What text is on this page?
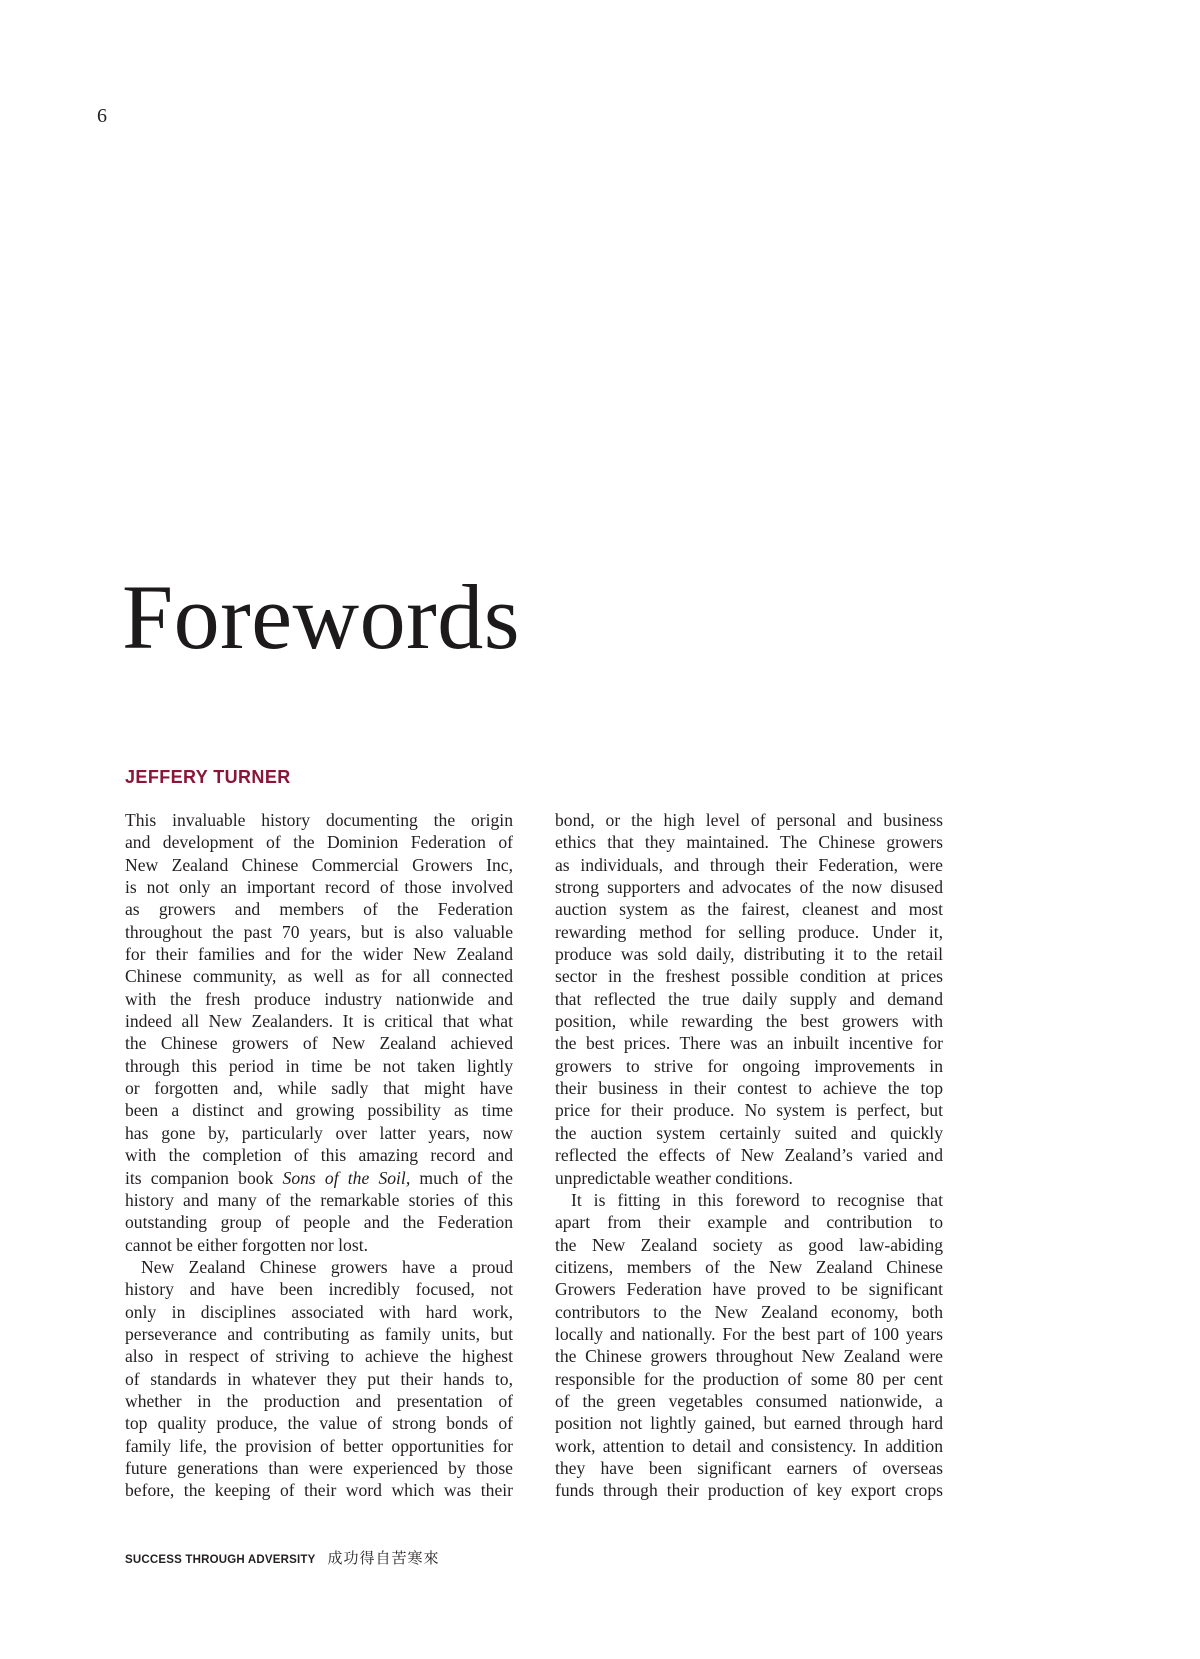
6
Forewords
JEFFERY TURNER
This invaluable history documenting the origin
and development of the Dominion Federation of
New Zealand Chinese Commercial Growers Inc,
is not only an important record of those involved
as growers and members of the Federation
throughout the past 70 years, but is also valuable
for their families and for the wider New Zealand
Chinese community, as well as for all connected
with the fresh produce industry nationwide and
indeed all New Zealanders. It is critical that what
the Chinese growers of New Zealand achieved
through this period in time be not taken lightly
or forgotten and, while sadly that might have
been a distinct and growing possibility as time
has gone by, particularly over latter years, now
with the completion of this amazing record and
its companion book Sons of the Soil, much of the
history and many of the remarkable stories of this
outstanding group of people and the Federation
cannot be either forgotten nor lost.
New Zealand Chinese growers have a proud
history and have been incredibly focused, not
only in disciplines associated with hard work,
perseverance and contributing as family units, but
also in respect of striving to achieve the highest
of standards in whatever they put their hands to,
whether in the production and presentation of
top quality produce, the value of strong bonds of
family life, the provision of better opportunities for
future generations than were experienced by those
before, the keeping of their word which was their
bond, or the high level of personal and business
ethics that they maintained. The Chinese growers
as individuals, and through their Federation, were
strong supporters and advocates of the now disused
auction system as the fairest, cleanest and most
rewarding method for selling produce. Under it,
produce was sold daily, distributing it to the retail
sector in the freshest possible condition at prices
that reflected the true daily supply and demand
position, while rewarding the best growers with
the best prices. There was an inbuilt incentive for
growers to strive for ongoing improvements in
their business in their contest to achieve the top
price for their produce. No system is perfect, but
the auction system certainly suited and quickly
reflected the effects of New Zealand’s varied and
unpredictable weather conditions.
It is fitting in this foreword to recognise that
apart from their example and contribution to
the New Zealand society as good law-abiding
citizens, members of the New Zealand Chinese
Growers Federation have proved to be significant
contributors to the New Zealand economy, both
locally and nationally. For the best part of 100 years
the Chinese growers throughout New Zealand were
responsible for the production of some 80 per cent
of the green vegetables consumed nationwide, a
position not lightly gained, but earned through hard
work, attention to detail and consistency. In addition
they have been significant earners of overseas
funds through their production of key export crops
SUCCESS THROUGH ADVERSITY 成功得自苦寒來
